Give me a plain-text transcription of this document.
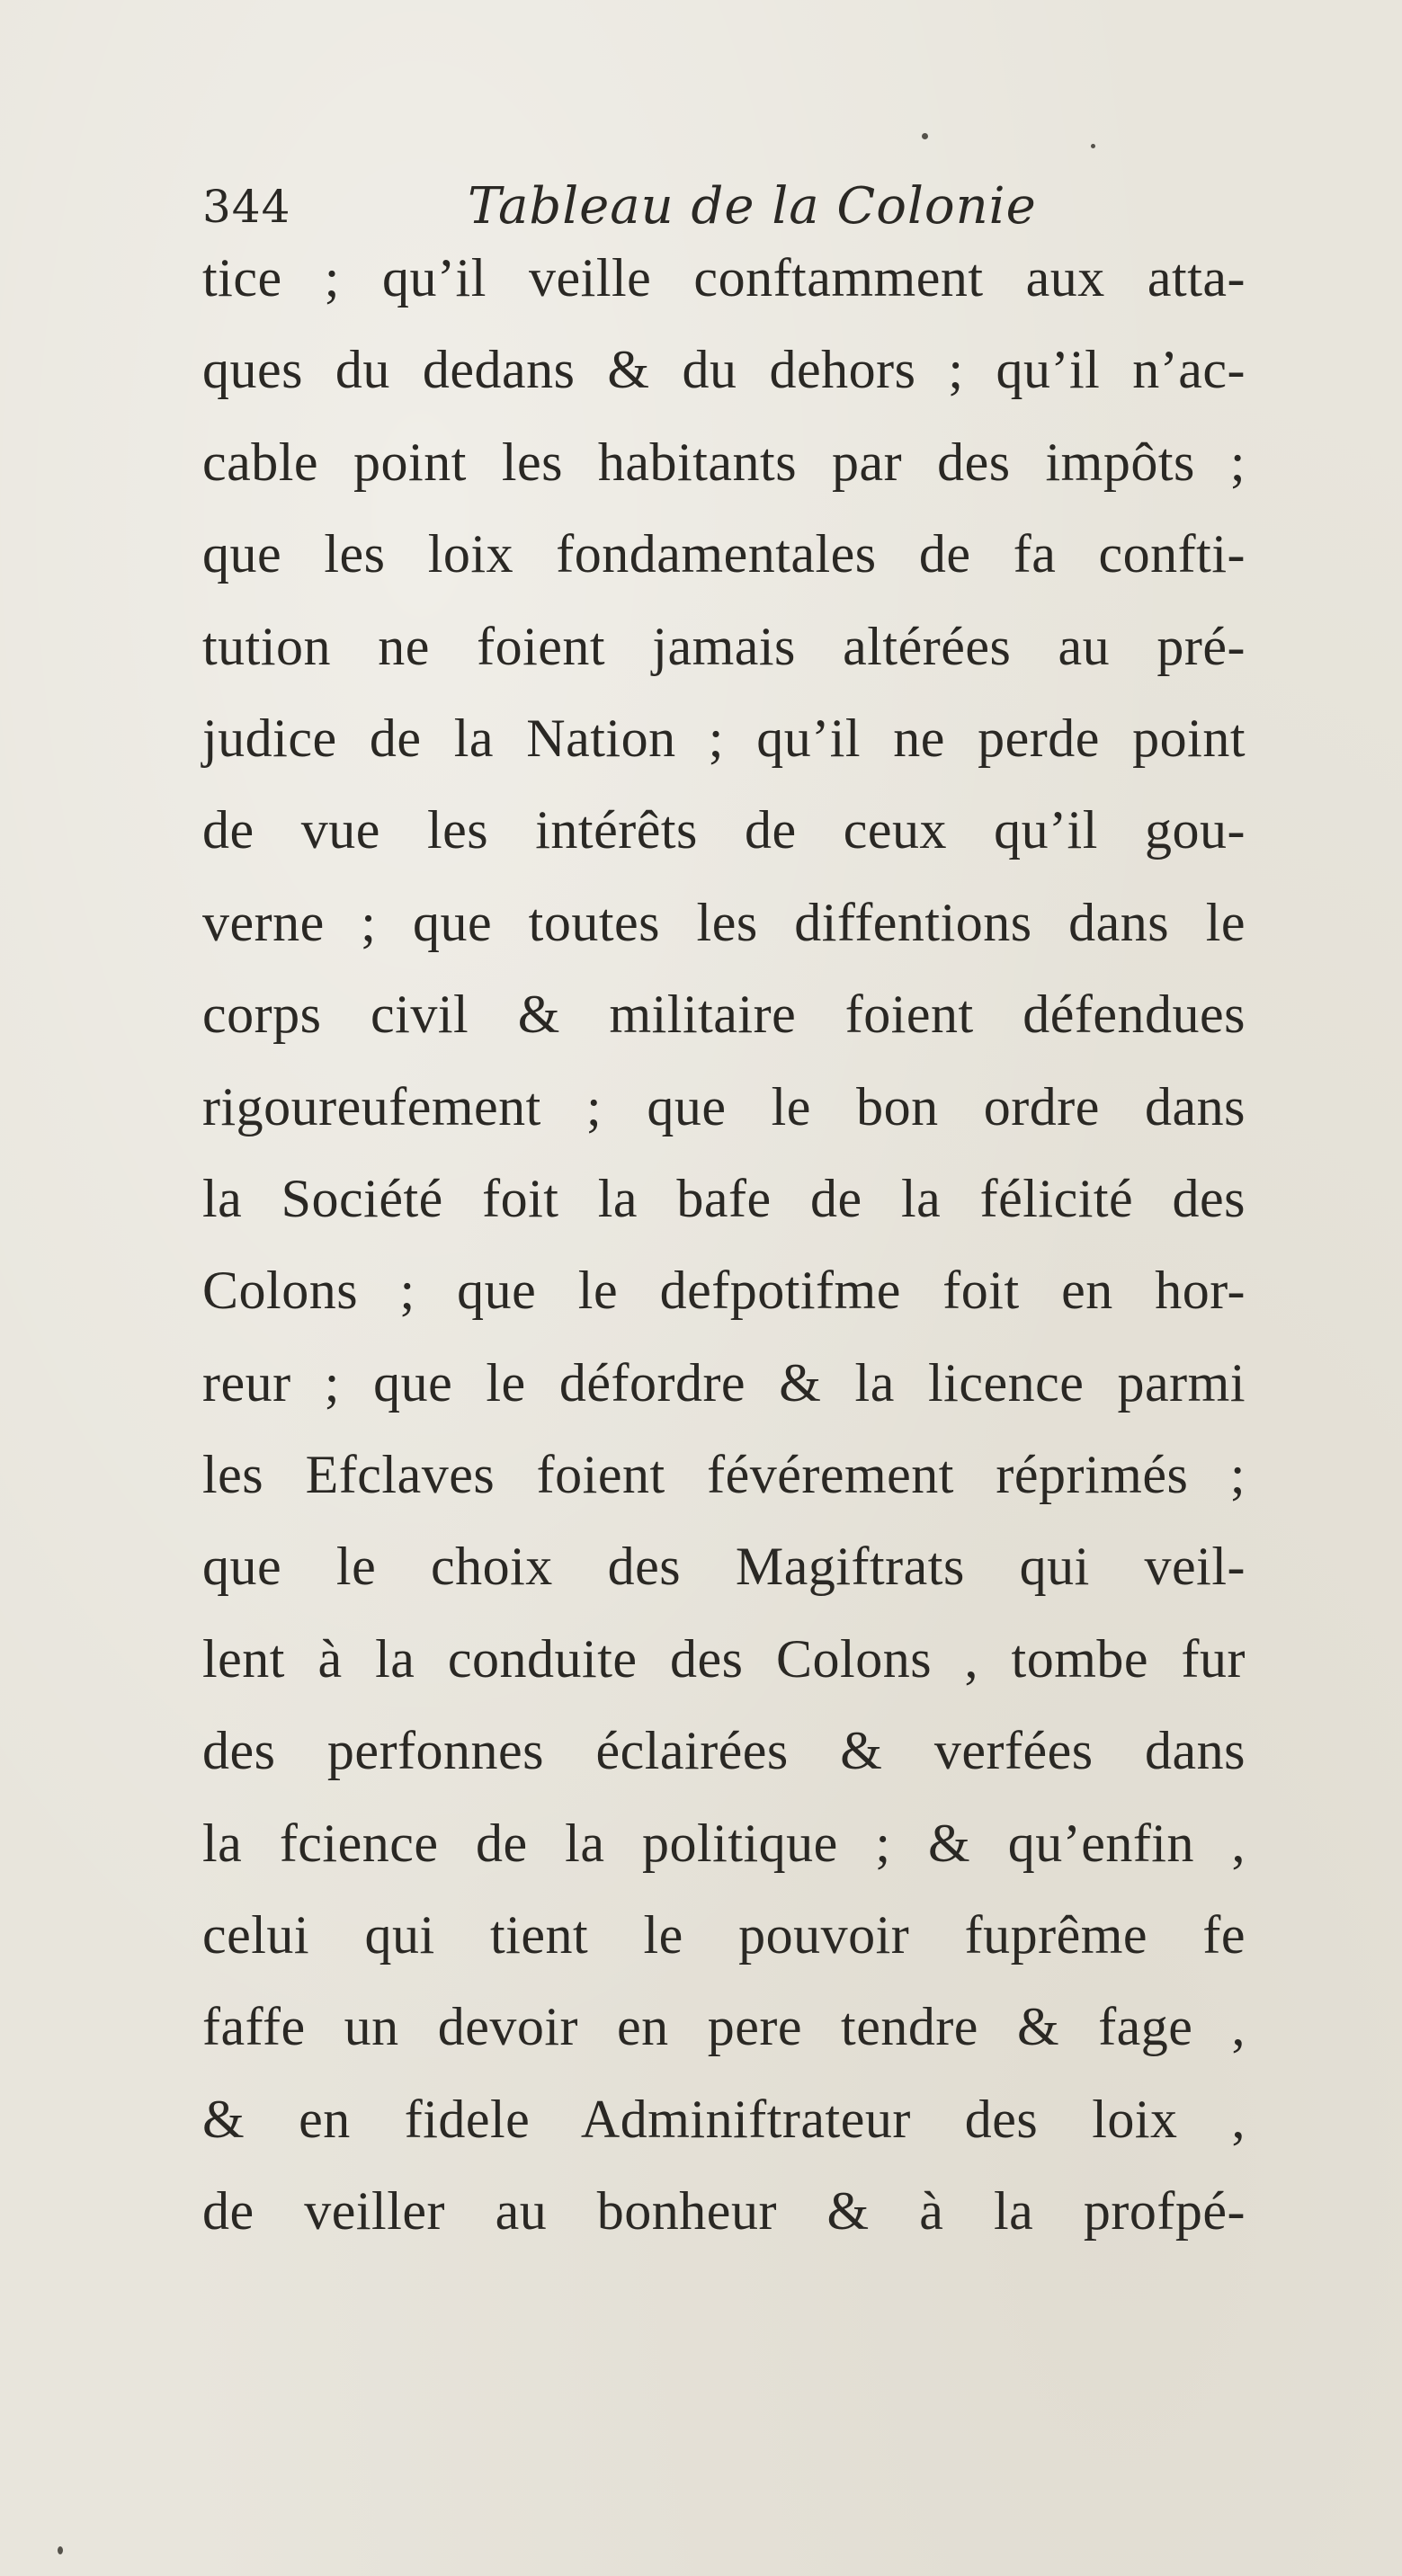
344	Tableau de la Colonie
tice ; qu’il veille conftamment aux atta-
ques du dedans & du dehors ; qu’il n’ac-
cable point les habitants par des impôts ;
que les loix fondamentales de fa confti-
tution ne foient jamais altérées au pré-
judice de la Nation ; qu’il ne perde point
de vue les intérêts de ceux qu’il gou-
verne ; que toutes les diffentions dans le
corps civil & militaire foient défendues
rigoureufement ; que le bon ordre dans
la Société foit la bafe de la félicité des
Colons ; que le defpotifme foit en hor-
reur ; que le défordre & la licence parmi
les Efclaves foient févérement réprimés ;
que le choix des Magiftrats qui veil-
lent à la conduite des Colons , tombe fur
des perfonnes éclairées & verfées dans
la fcience de la politique ; & qu’enfin ,
celui qui tient le pouvoir fuprême fe
faffe un devoir en pere tendre & fage ,
& en fidele Adminiftrateur des loix ,
de veiller au bonheur & à la profpé-
